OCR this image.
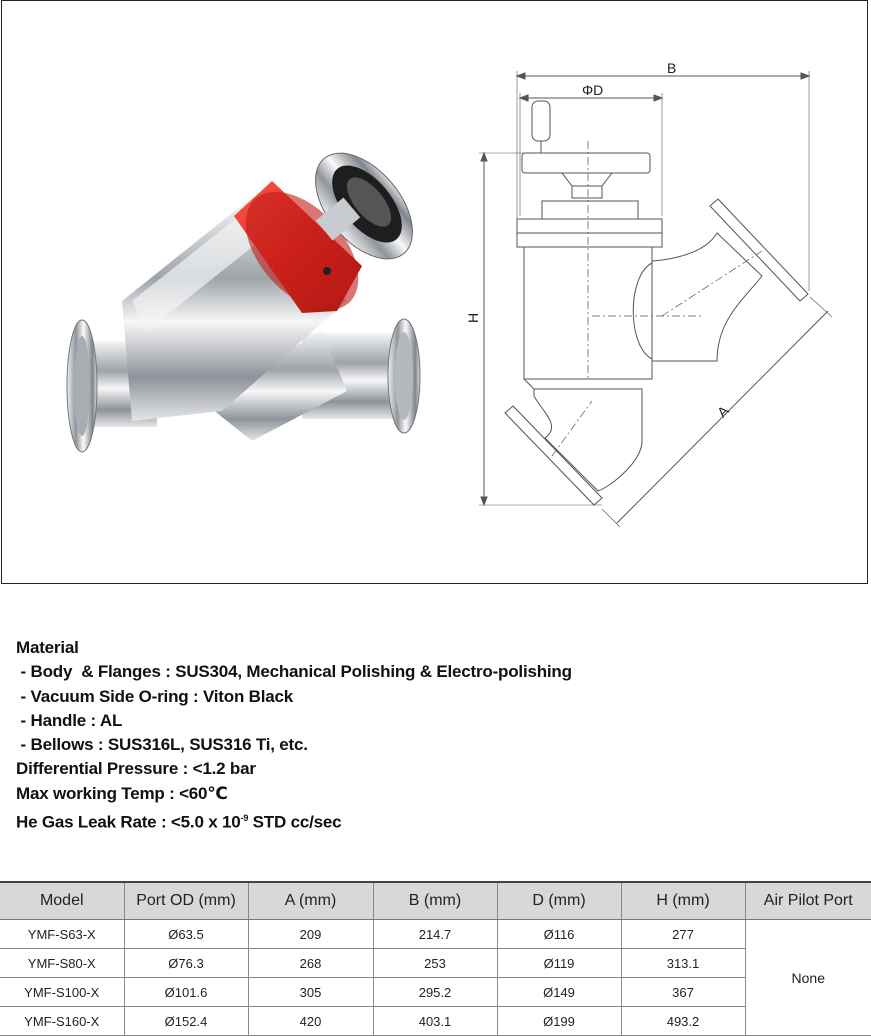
B
ΦD
H
A
Material
- Body  & Flanges : SUS304, Mechanical Polishing & Electro-polishing
- Vacuum Side O-ring : Viton Black
- Handle : AL
- Bellows : SUS316L, SUS316 Ti, etc.
Differential Pressure : <1.2 bar
Max working Temp : <60℃
He Gas Leak Rate : <5.0 x $10^{-9}$ STD cc/sec
Model	Port OD (mm)	A (mm)	B (mm)	D (mm)	H (mm)	Air Pilot Port
YMF-S63-X	Ø63.5	209	214.7	Ø116	277	None
YMF-S80-X	Ø76.3	268	253	Ø119	313.1	
YMF-S100-X	Ø101.6	305	295.2	Ø149	367	
YMF-S160-X	Ø152.4	420	403.1	Ø199	493.2	
